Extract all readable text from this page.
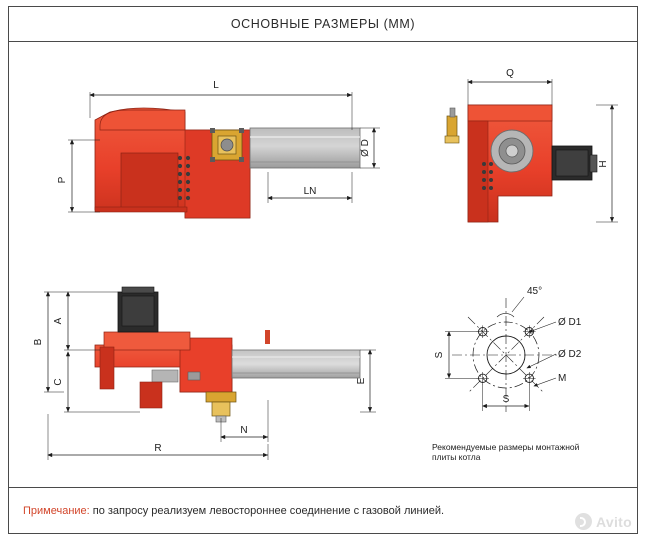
ОСНОВНЫЕ РАЗМЕРЫ (ММ)
L
P
LN
Ø D
Q
H
A
B
C	E
N
R
45°
Ø D1
Ø D2
M
S
S
Рекомендуемые размеры монтажной
плиты котла
Примечание: по запросу реализуем левостороннее соединение с газовой линией.
Avito
